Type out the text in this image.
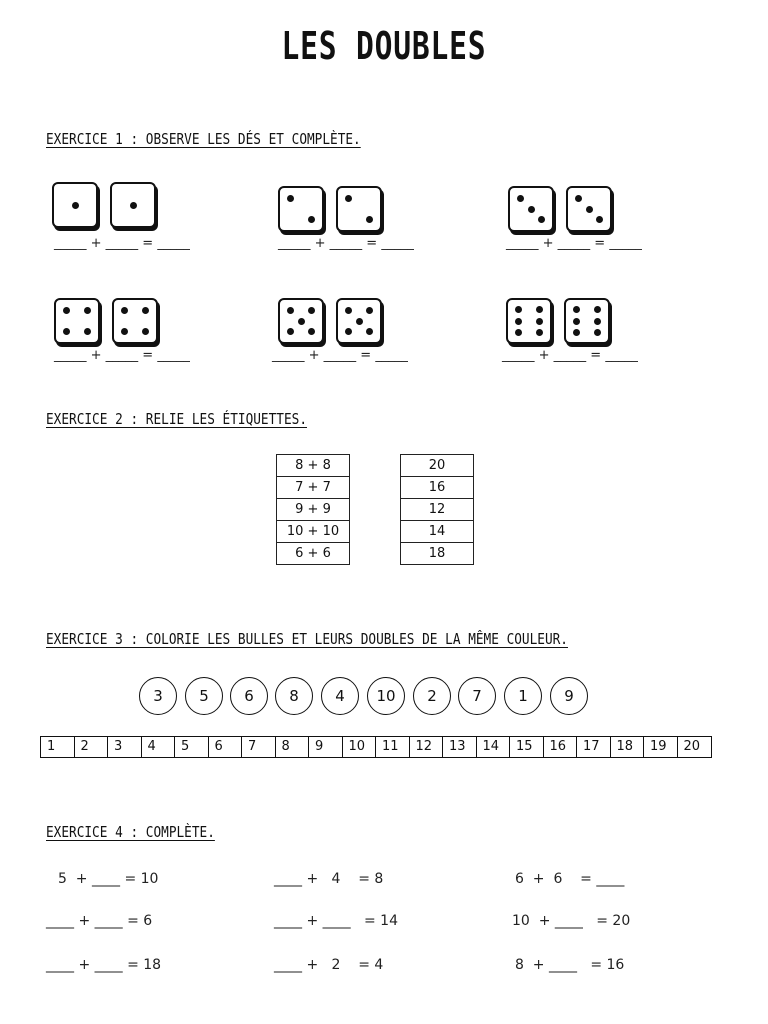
LES DOUBLES
EXERCICE 1 : OBSERVE LES DÉS ET COMPLÈTE.
_____ + _____ = _____	_____ + _____ = _____	_____ + _____ = _____
_____ + _____ = _____	_____ + _____ = _____	_____ + _____ = _____
EXERCICE 2 : RELIE LES ÉTIQUETTES.
8 + 8
7 + 7
9 + 9
10 + 10
6 + 6
20
16
12
14
18
EXERCICE 3 : COLORIE LES BULLES ET LEURS DOUBLES DE LA MÊME COULEUR.
3	5	6	8	4	10	2	7	1	9
1	2	3	4	5	6	7	8	9	10	11	12	13	14	15	16	17	18	19	20
EXERCICE 4 : COMPLÈTE.
5  + ____ = 10	____ +   4    = 8	6  +  6    = ____
____ + ____ = 6	____ + ____   = 14	10  + ____   = 20
____ + ____ = 18	____ +   2    = 4	8  + ____   = 16
